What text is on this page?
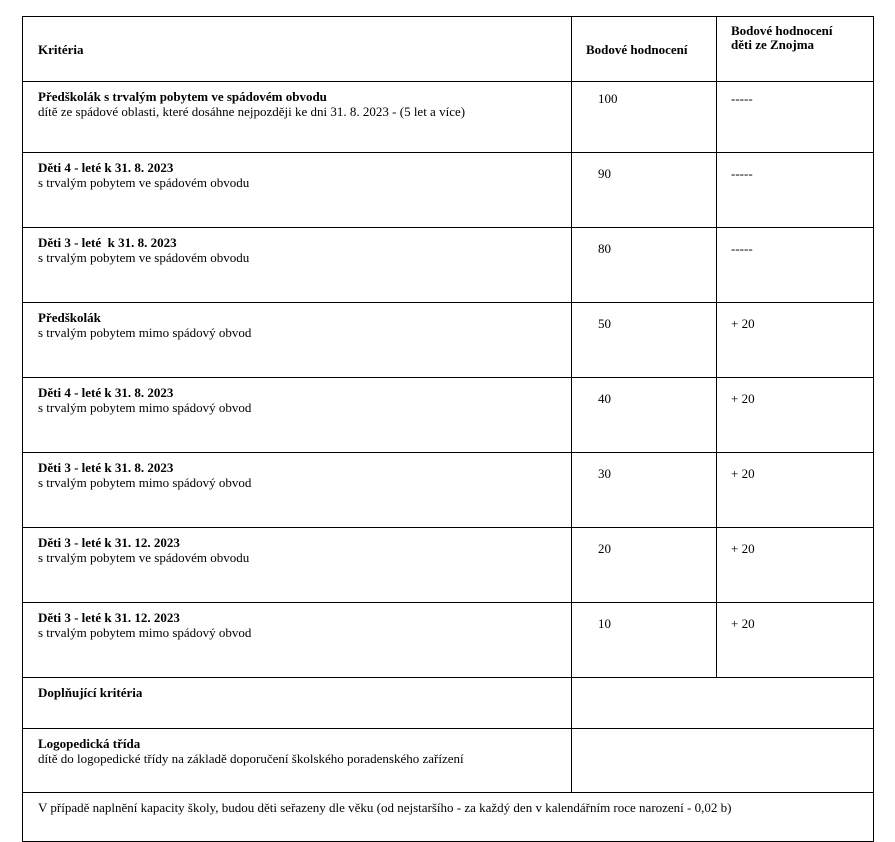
Kritéria	Bodové hodnocení	Bodové hodnocení
děti ze Znojma

Předškolák s trvalým pobytem ve spádovém obvodu
dítě ze spádové oblasti, které dosáhne nejpozději ke dni 31. 8. 2023 - (5 let a více)	100	-----

Děti 4 - leté k 31. 8. 2023
s trvalým pobytem ve spádovém obvodu	90	-----

Děti 3 - leté  k 31. 8. 2023
s trvalým pobytem ve spádovém obvodu	80	-----

Předškolák
s trvalým pobytem mimo spádový obvod	50	+ 20

Děti 4 - leté k 31. 8. 2023
s trvalým pobytem mimo spádový obvod	40	+ 20

Děti 3 - leté k 31. 8. 2023
s trvalým pobytem mimo spádový obvod	30	+ 20

Děti 3 - leté k 31. 12. 2023
s trvalým pobytem ve spádovém obvodu	20	+ 20

Děti 3 - leté k 31. 12. 2023
s trvalým pobytem mimo spádový obvod	10	+ 20

Doplňující kritéria		

Logopedická třída
dítě do logopedické třídy na základě doporučení školského poradenského zařízení		

V případě naplnění kapacity školy, budou děti seřazeny dle věku (od nejstaršího - za každý den v kalendářním roce narození - 0,02 b)		
